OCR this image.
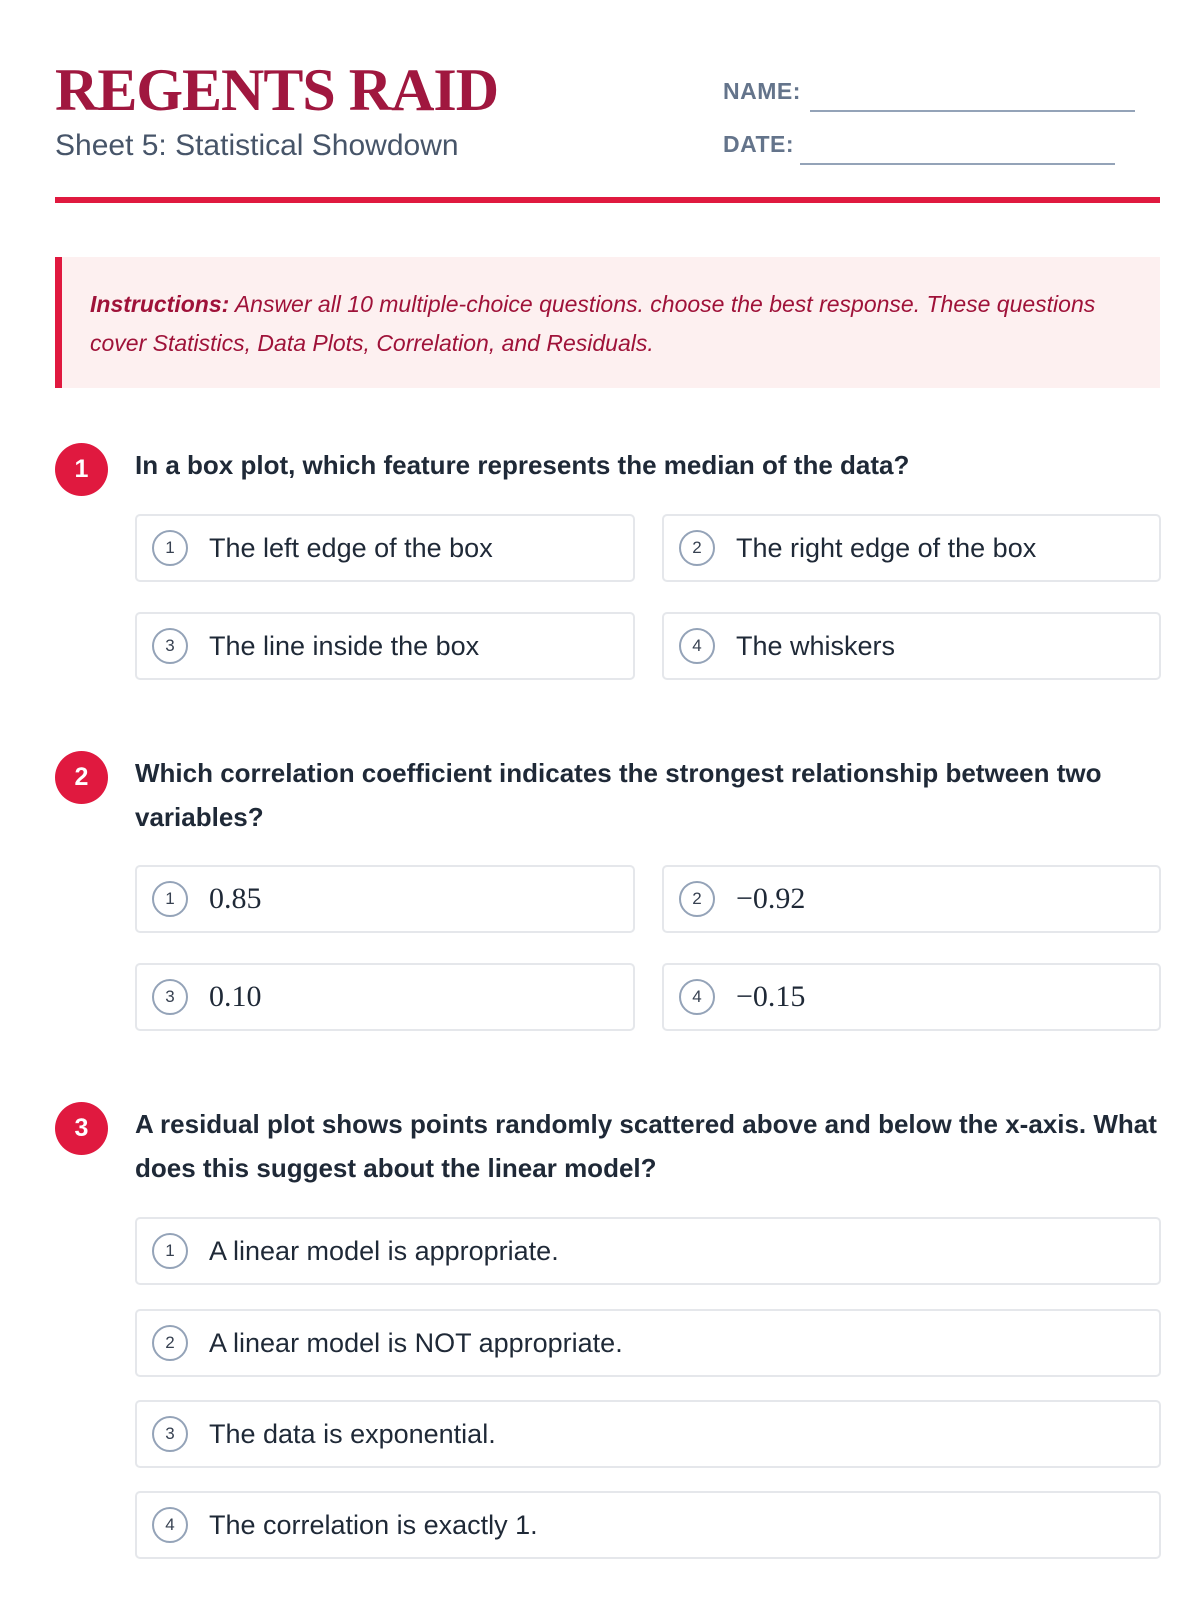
REGENTS RAID
Sheet 5: Statistical Showdown
NAME:
DATE:
Instructions: Answer all 10 multiple-choice questions. choose the best response. These questions cover Statistics, Data Plots, Correlation, and Residuals.
1	In a box plot, which feature represents the median of the data?
1	The left edge of the box	2	The right edge of the box
3	The line inside the box	4	The whiskers
2	Which correlation coefficient indicates the strongest relationship between two variables?
1	0.85	2	−0.92
3	0.10	4	−0.15
3	A residual plot shows points randomly scattered above and below the x-axis. What does this suggest about the linear model?
1	A linear model is appropriate.
2	A linear model is NOT appropriate.
3	The data is exponential.
4	The correlation is exactly 1.
